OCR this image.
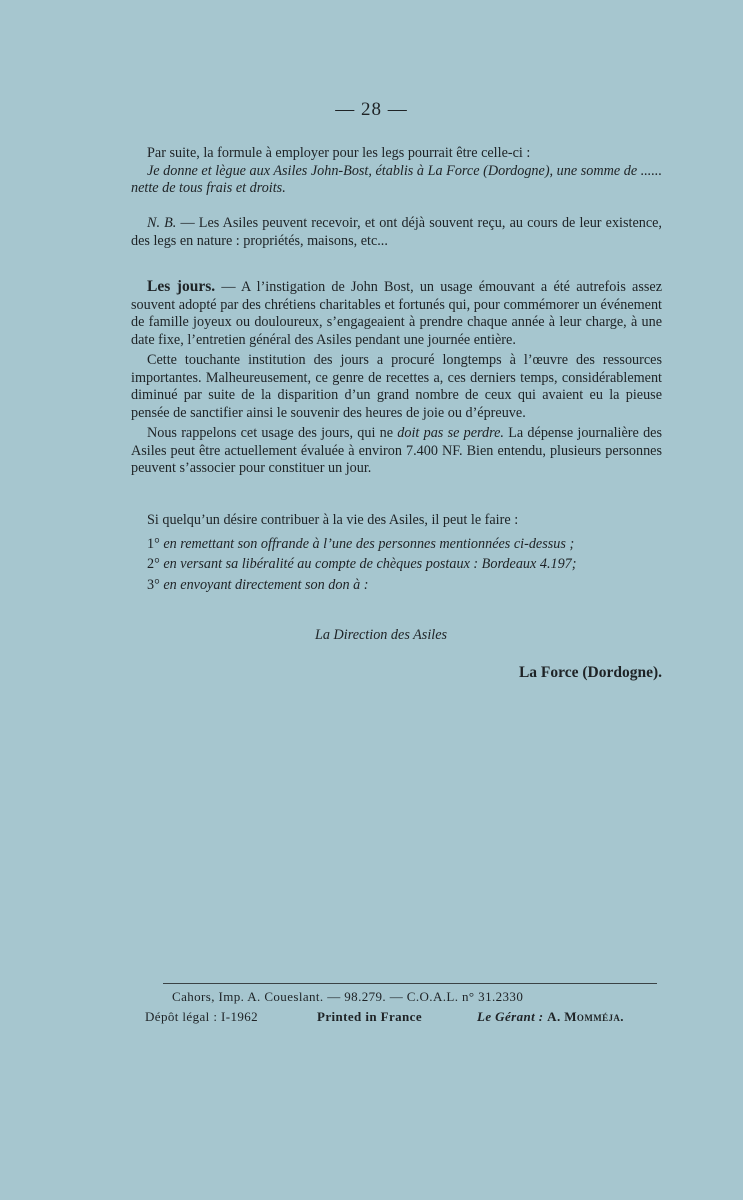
— 28 —

Par suite, la formule à employer pour les legs pourrait être celle-ci :

Je donne et lègue aux Asiles John-Bost, établis à La Force (Dordogne), une somme de ...... nette de tous frais et droits.

N. B. — Les Asiles peuvent recevoir, et ont déjà souvent reçu, au cours de leur existence, des legs en nature : propriétés, maisons, etc...

Les jours. — A l’instigation de John Bost, un usage émouvant a été autrefois assez souvent adopté par des chrétiens charitables et fortunés qui, pour commémorer un événement de famille joyeux ou douloureux, s’engageaient à prendre chaque année à leur charge, à une date fixe, l’entretien général des Asiles pendant une journée entière.

Cette touchante institution des jours a procuré longtemps à l’œuvre des ressources importantes. Malheureusement, ce genre de recettes a, ces derniers temps, considérablement diminué par suite de la disparition d’un grand nombre de ceux qui avaient eu la pieuse pensée de sanctifier ainsi le souvenir des heures de joie ou d’épreuve.

Nous rappelons cet usage des jours, qui ne doit pas se perdre. La dépense journalière des Asiles peut être actuellement évaluée à environ 7.400 NF. Bien entendu, plusieurs personnes peuvent s’associer pour constituer un jour.

Si quelqu’un désire contribuer à la vie des Asiles, il peut le faire :

1° en remettant son offrande à l’une des personnes mentionnées ci-dessus ;

2° en versant sa libéralité au compte de chèques postaux : Bordeaux 4.197;

3° en envoyant directement son don à :

La Direction des Asiles
La Force (Dordogne).
Cahors, Imp. A. Coueslant. — 98.279. — C.O.A.L. n° 31.2330
Dépôt légal : I-1962	Printed in France	Le Gérant : A. Momméja.
